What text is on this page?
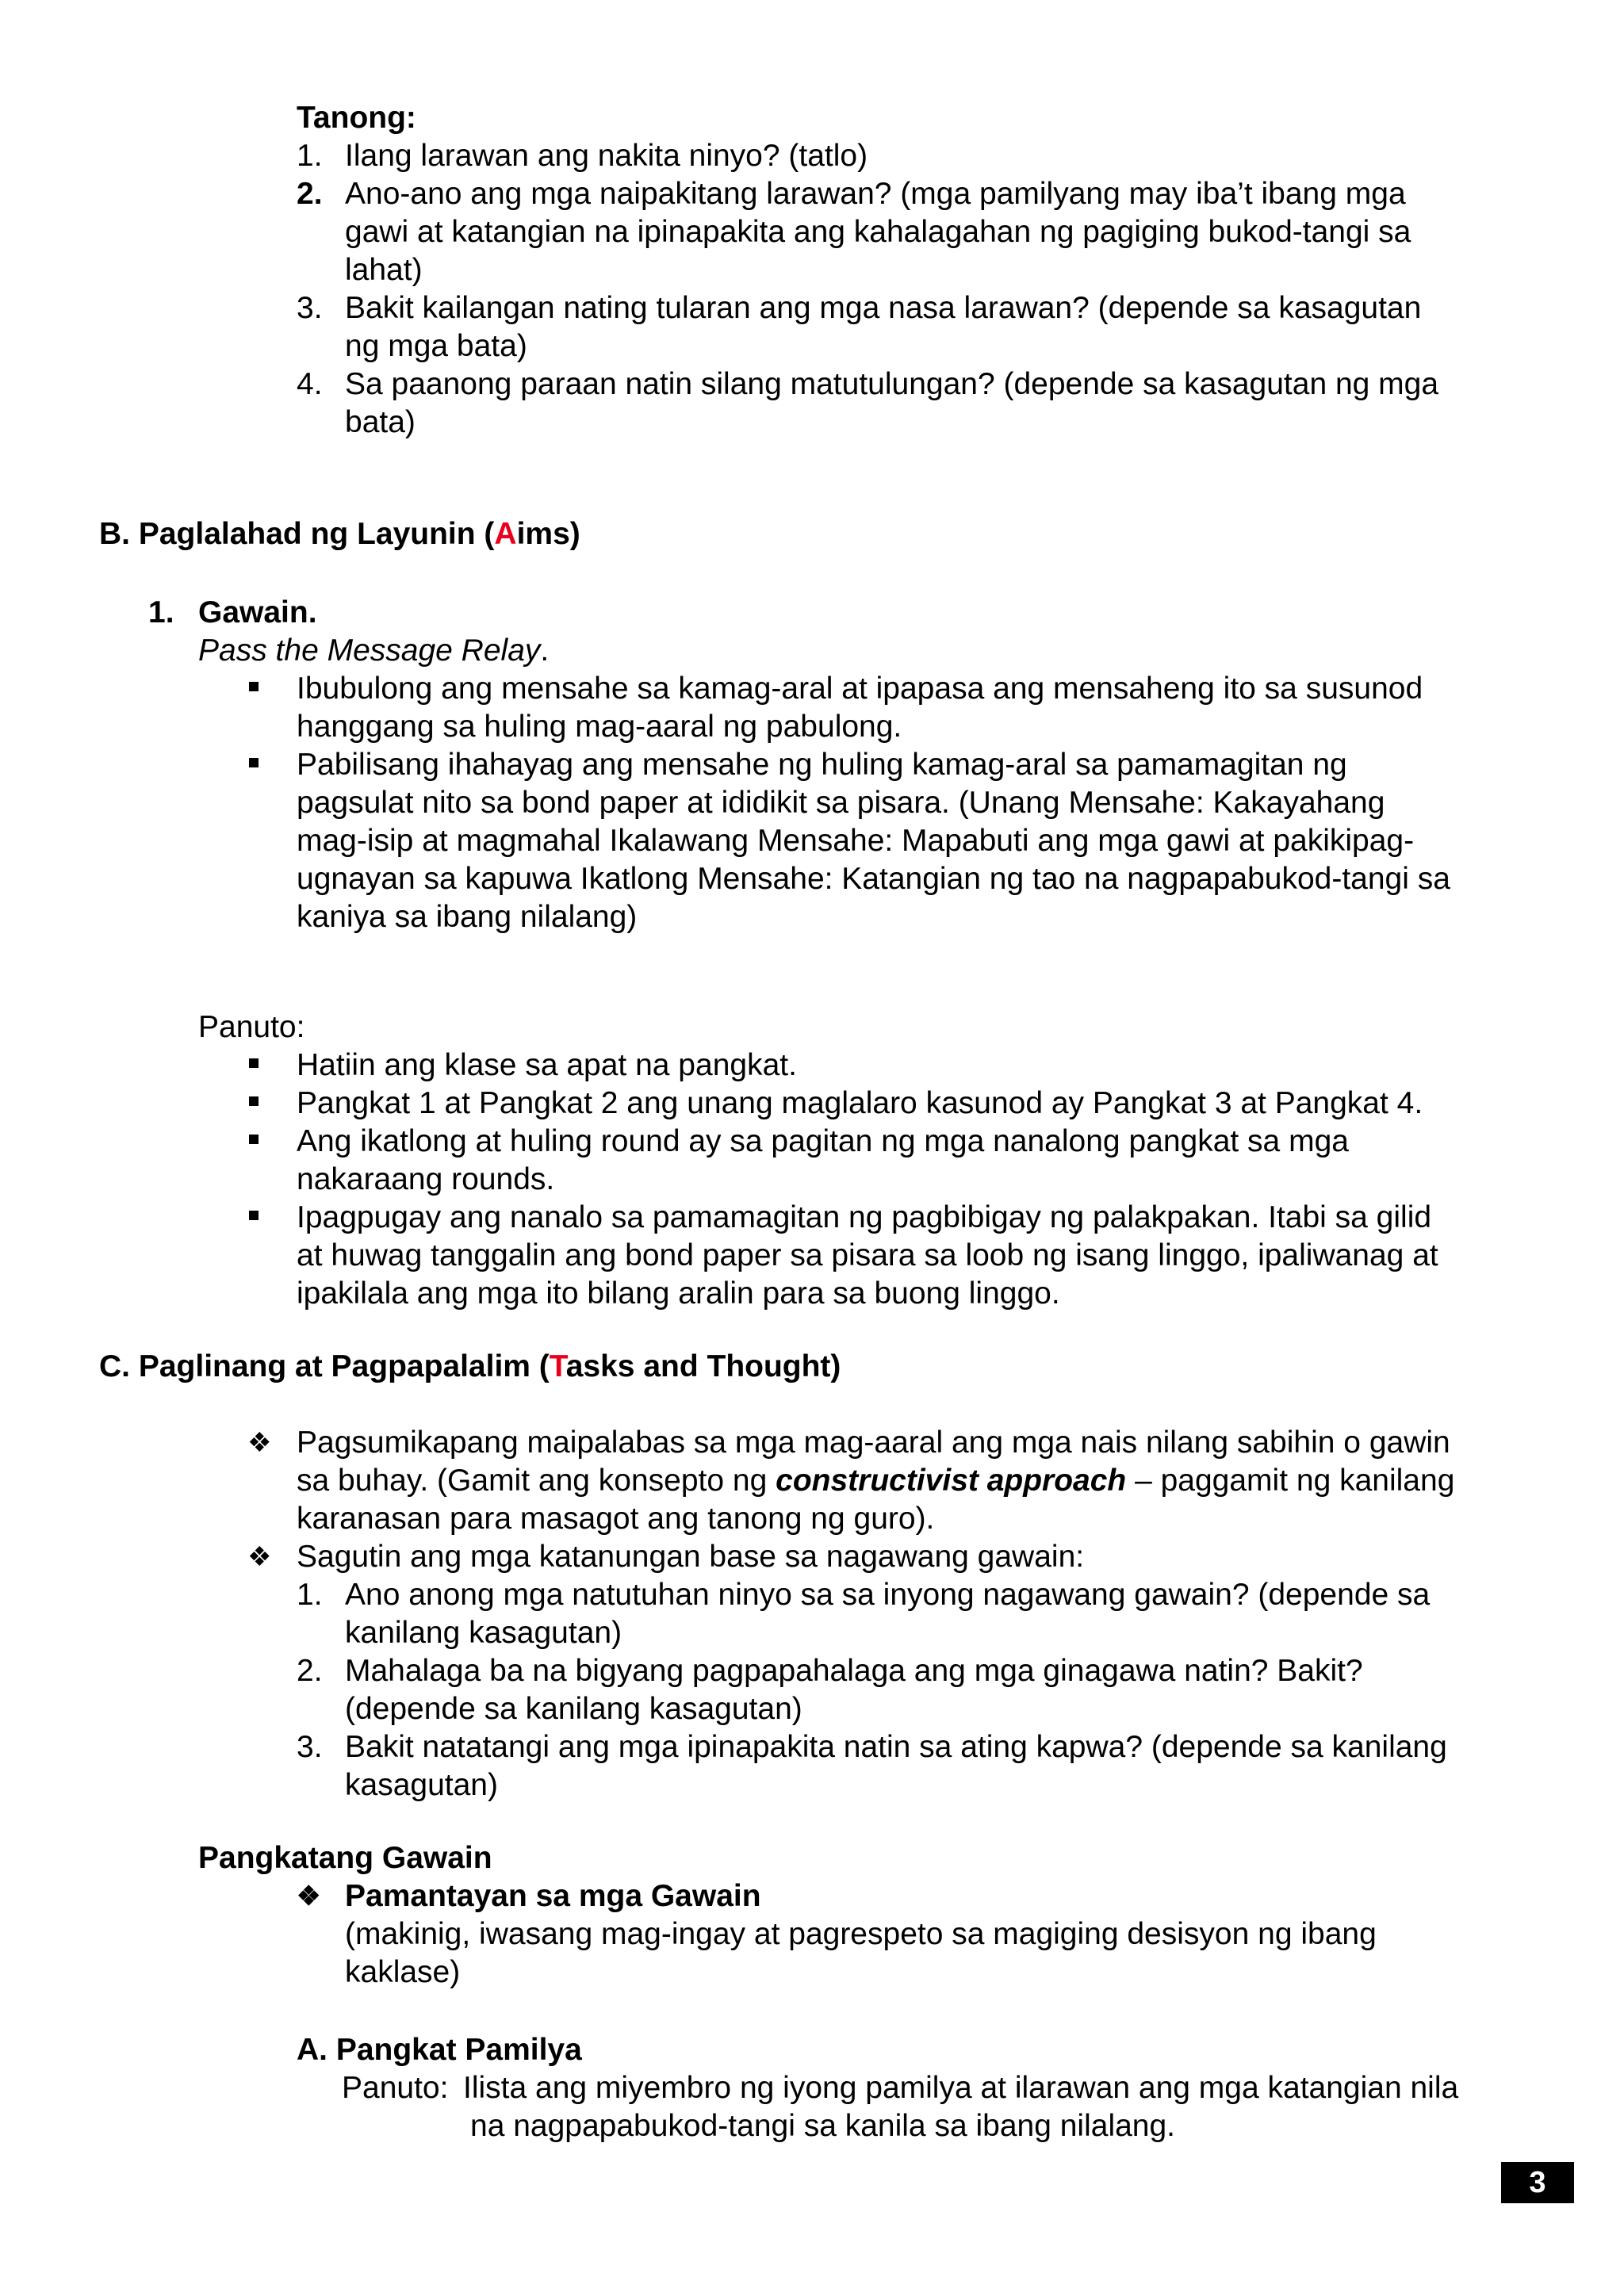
Tanong:
1. Ilang larawan ang nakita ninyo? (tatlo)
2. Ano-ano ang mga naipakitang larawan? (mga pamilyang may iba’t ibang mga
gawi at katangian na ipinapakita ang kahalagahan ng pagiging bukod-tangi sa
lahat)
3. Bakit kailangan nating tularan ang mga nasa larawan? (depende sa kasagutan
ng mga bata)
4. Sa paanong paraan natin silang matutulungan? (depende sa kasagutan ng mga
bata)
B. Paglalahad ng Layunin (Aims)
1. Gawain.
Pass the Message Relay.
Ibubulong ang mensahe sa kamag-aral at ipapasa ang mensaheng ito sa susunod
hanggang sa huling mag-aaral ng pabulong.
Pabilisang ihahayag ang mensahe ng huling kamag-aral sa pamamagitan ng
pagsulat nito sa bond paper at ididikit sa pisara. (Unang Mensahe: Kakayahang
mag-isip at magmahal Ikalawang Mensahe: Mapabuti ang mga gawi at pakikipag-
ugnayan sa kapuwa Ikatlong Mensahe: Katangian ng tao na nagpapabukod-tangi sa
kaniya sa ibang nilalang)
Panuto:
Hatiin ang klase sa apat na pangkat.
Pangkat 1 at Pangkat 2 ang unang maglalaro kasunod ay Pangkat 3 at Pangkat 4.
Ang ikatlong at huling round ay sa pagitan ng mga nanalong pangkat sa mga
nakaraang rounds.
Ipagpugay ang nanalo sa pamamagitan ng pagbibigay ng palakpakan. Itabi sa gilid
at huwag tanggalin ang bond paper sa pisara sa loob ng isang linggo, ipaliwanag at
ipakilala ang mga ito bilang aralin para sa buong linggo.
C. Paglinang at Pagpapalalim (Tasks and Thought)
❖ Pagsumikapang maipalabas sa mga mag-aaral ang mga nais nilang sabihin o gawin
sa buhay. (Gamit ang konsepto ng constructivist approach – paggamit ng kanilang
karanasan para masagot ang tanong ng guro).
❖ Sagutin ang mga katanungan base sa nagawang gawain:
1. Ano anong mga natutuhan ninyo sa sa inyong nagawang gawain? (depende sa
kanilang kasagutan)
2. Mahalaga ba na bigyang pagpapahalaga ang mga ginagawa natin? Bakit?
(depende sa kanilang kasagutan)
3. Bakit natatangi ang mga ipinapakita natin sa ating kapwa? (depende sa kanilang
kasagutan)
Pangkatang Gawain
❖ Pamantayan sa mga Gawain
(makinig, iwasang mag-ingay at pagrespeto sa magiging desisyon ng ibang
kaklase)
A. Pangkat Pamilya
Panuto: Ilista ang miyembro ng iyong pamilya at ilarawan ang mga katangian nila
na nagpapabukod-tangi sa kanila sa ibang nilalang.
3
